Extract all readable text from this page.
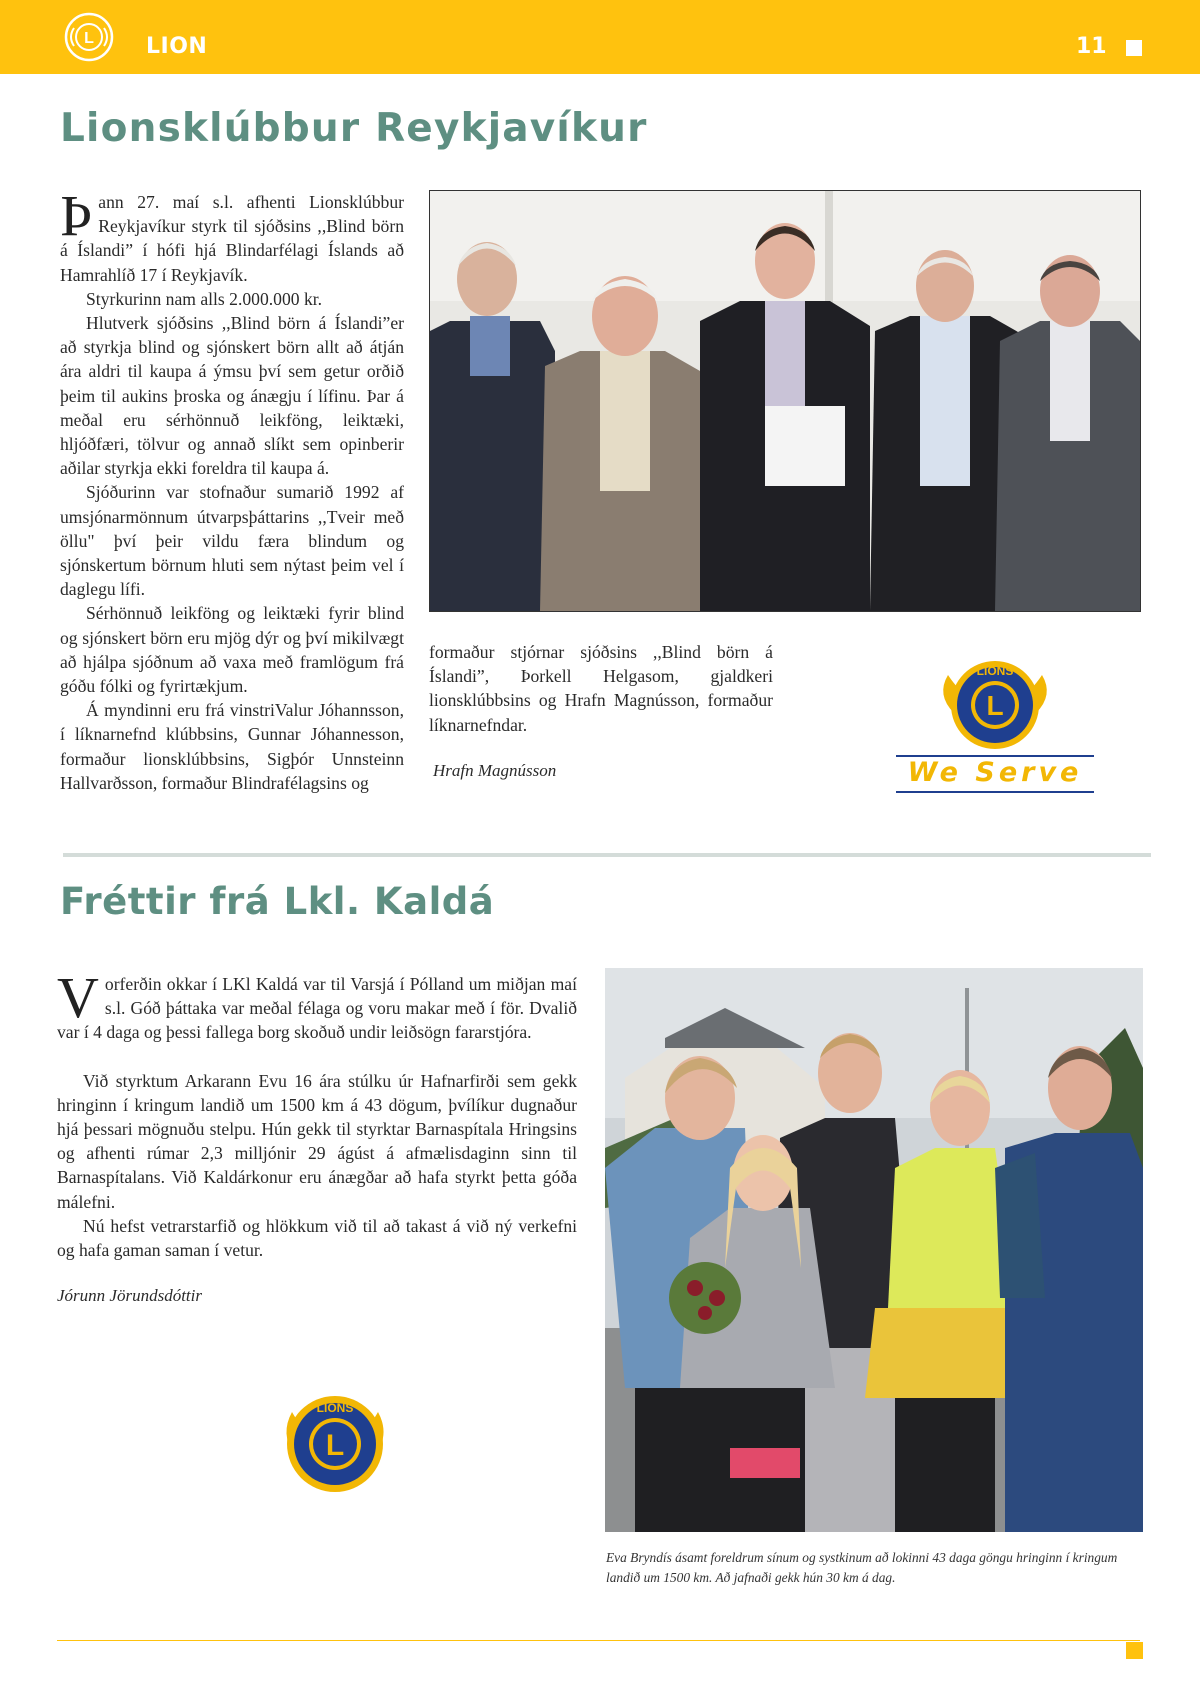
L LION	11
Lionsklúbbur Reykjavíkur

Þann 27. maí s.l. afhenti Lionsklúbbur Reykjavíkur styrk til sjóðsins ,,Blind börn á Íslandi” í hófi hjá Blindarfélagi Íslands að Hamrahlíð 17 í Reykjavík.

Styrkurinn nam alls 2.000.000 kr.

Hlutverk sjóðsins ,,Blind börn á Íslandi”er að styrkja blind og sjónskert börn allt að átján ára aldri til kaupa á ýmsu því sem getur orðið þeim til aukins þroska og ánægju í lífinu. Þar á meðal eru sérhönnuð leikföng, leiktæki, hljóðfæri, tölvur og annað slíkt sem opinberir aðilar styrkja ekki foreldra til kaupa á.

Sjóðurinn var stofnaður sumarið 1992 af umsjónarmönnum útvarpsþáttarins ,,Tveir með öllu" því þeir vildu færa blindum og sjónskertum börnum hluti sem nýtast þeim vel í daglegu lífi.

Sérhönnuð leikföng og leiktæki fyrir blind og sjónskert börn eru mjög dýr og því mikilvægt að hjálpa sjóðnum að vaxa með framlögum frá góðu fólki og fyrirtækjum.

Á myndinni eru frá vinstriValur Jóhannsson, í líknarnefnd klúbbsins, Gunnar Jóhannesson, formaður lionsklúbbsins, Sigþór Unnsteinn Hallvarðsson, formaður Blindrafélagsins og

formaður stjórnar sjóðsins ,,Blind börn á Íslandi”, Þorkell Helgasom, gjaldkeri lionsklúbbsins og Hrafn Magnússon, formaður líknarnefndar.

Hrafn Magnússon

L
LIONS
We Serve
Fréttir frá Lkl. Kaldá

Vorferðin okkar í LKl Kaldá var til Varsjá í Pólland um miðjan maí s.l. Góð þáttaka var meðal félaga og voru makar með í för. Dvalið var í 4 daga og þessi fallega borg skoðuð undir leiðsögn fararstjóra.

Við styrktum Arkarann Evu 16 ára stúlku úr Hafnarfirði sem gekk hringinn í kringum landið um 1500 km á 43 dögum, þvílíkur dugnaður hjá þessari mögnuðu stelpu. Hún gekk til styrktar Barnaspítala Hringsins og afhenti rúmar 2,3 milljónir 29 ágúst á afmælisdaginn sinn til Barnaspítalans. Við Kaldárkonur eru ánægðar að hafa styrkt þetta góða málefni.

Nú hefst vetrarstarfið og hlökkum við til að takast á við ný verkefni og hafa gaman saman í vetur.

Jórunn Jörundsdóttir

L
LIONS
Eva Bryndís ásamt foreldrum sínum og systkinum að lokinni 43 daga göngu hringinn í kringum landið um 1500 km. Að jafnaði gekk hún 30 km á dag.
